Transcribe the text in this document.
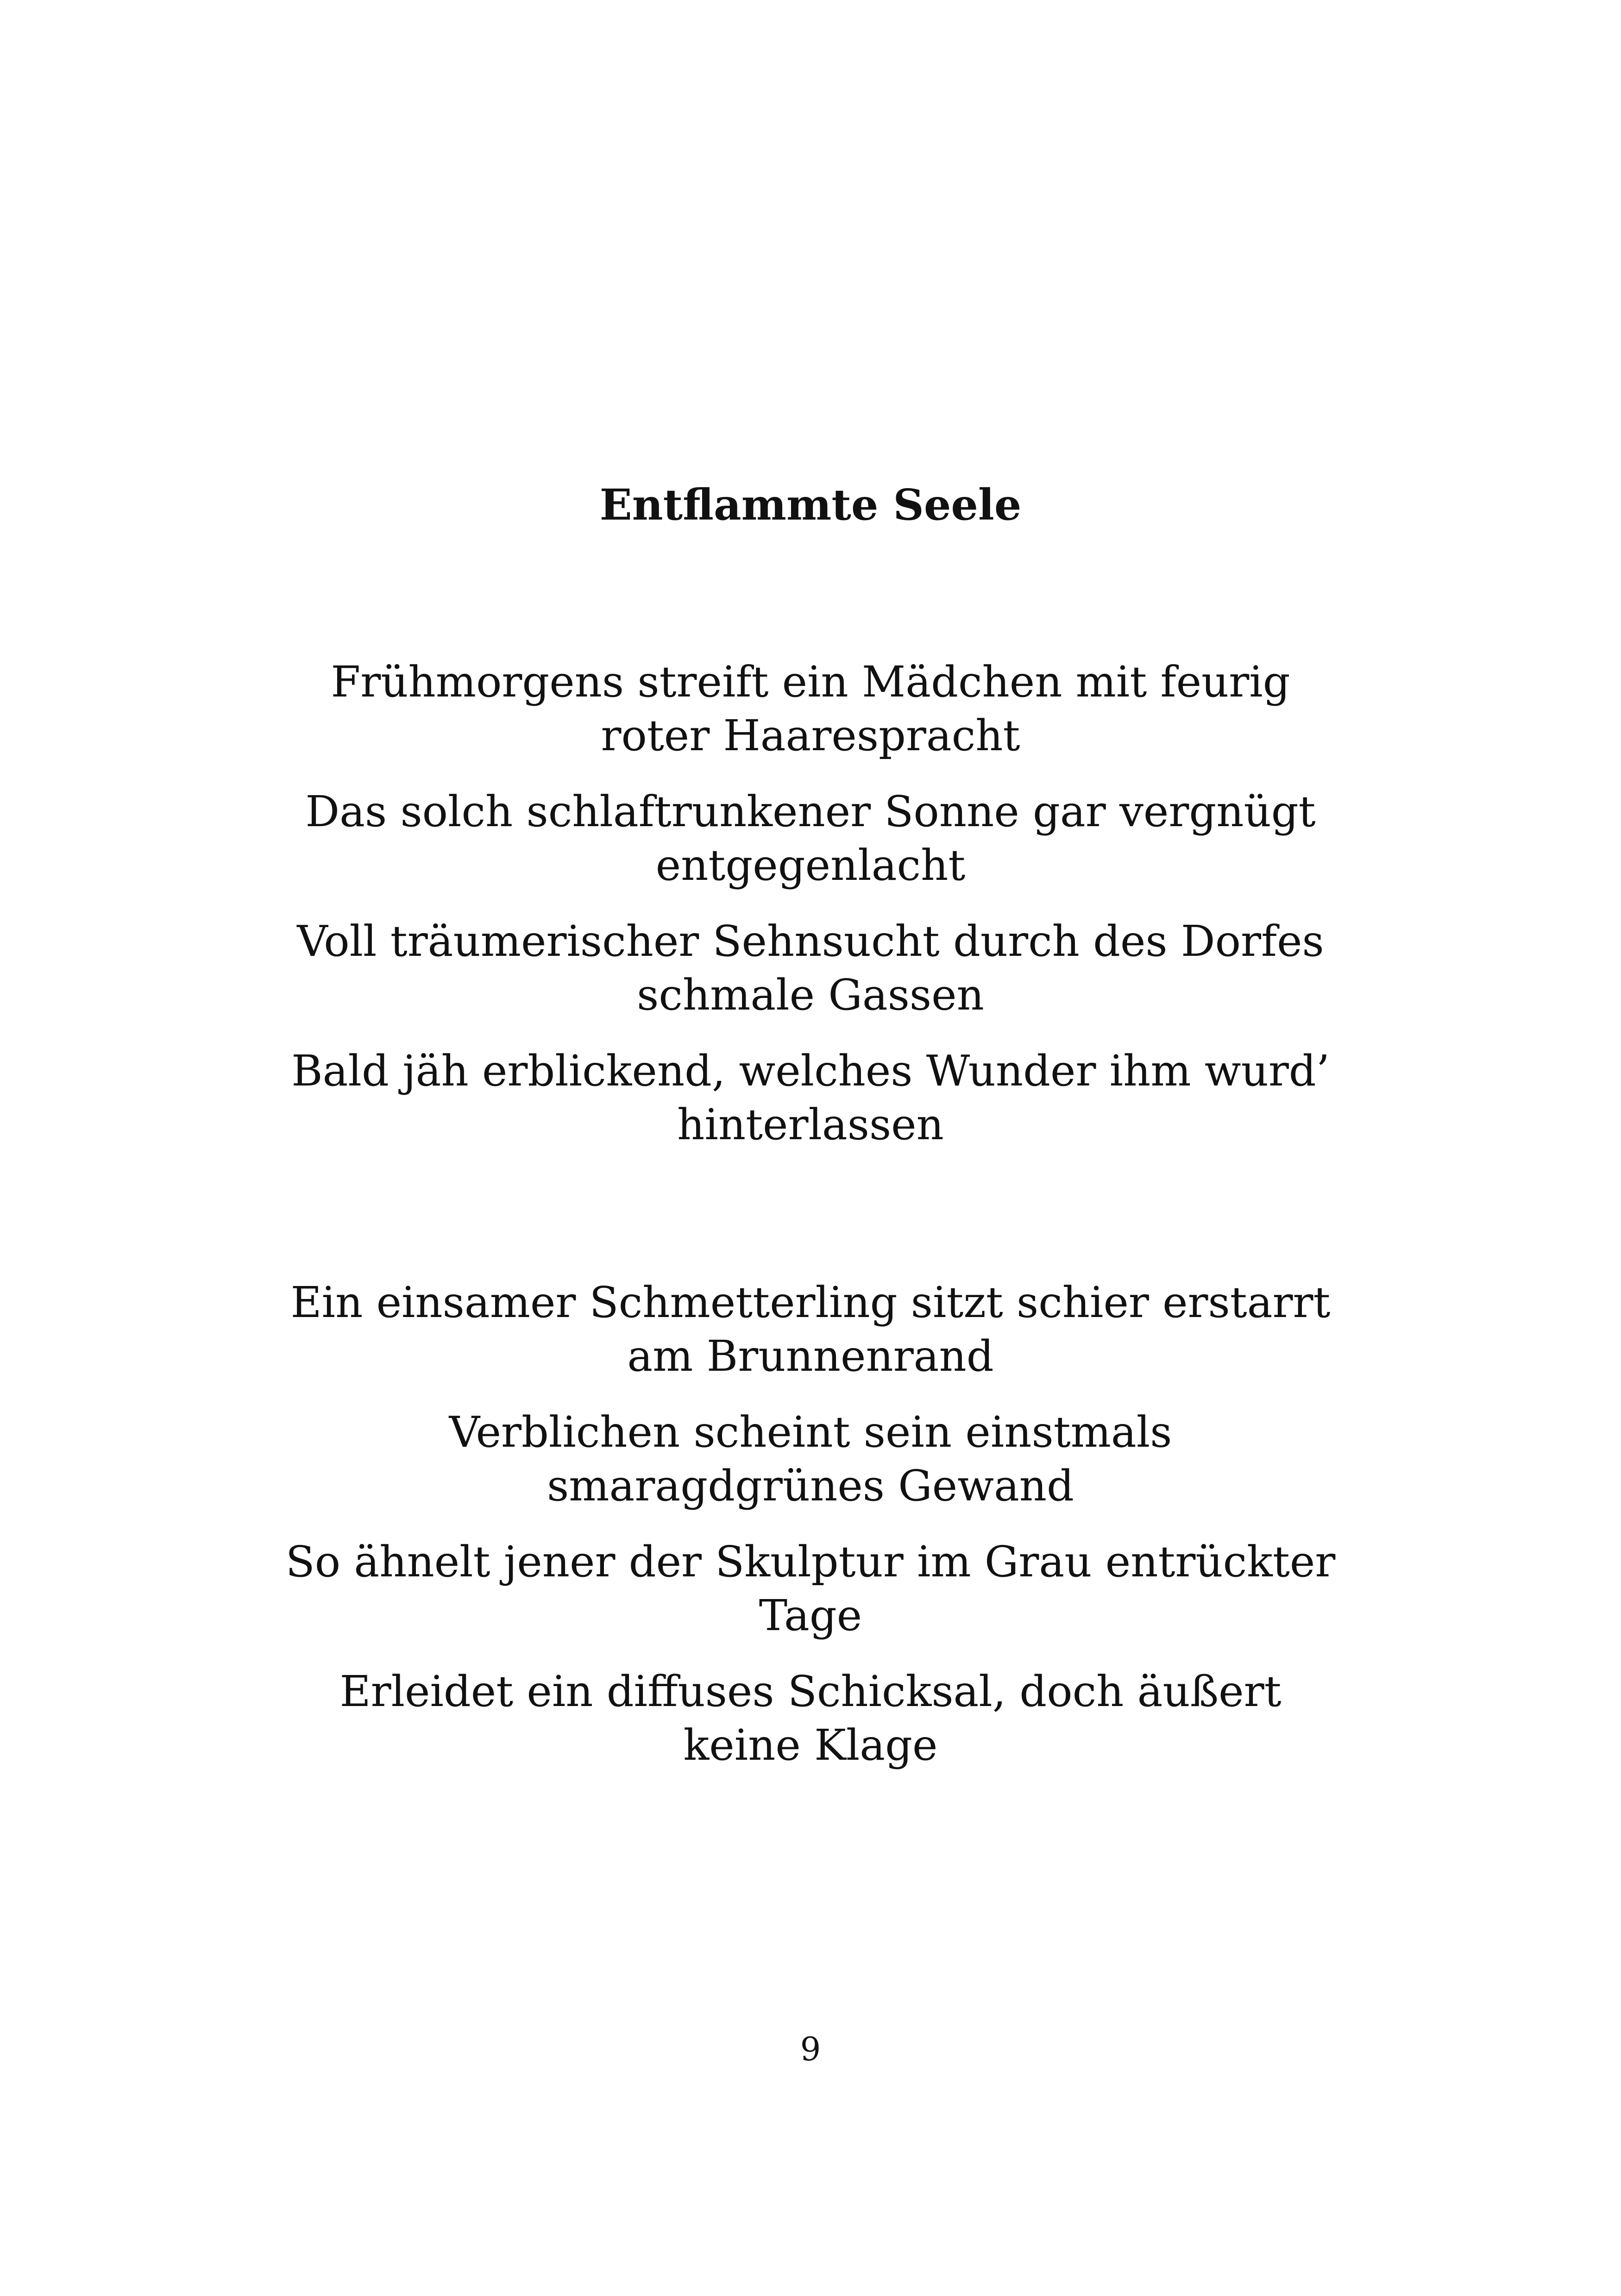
Entflammte Seele

Frühmorgens streift ein Mädchen mit feurig roter Haarespracht

Das solch schlaftrunkener Sonne gar vergnügt entgegenlacht

Voll träumerischer Sehnsucht durch des Dorfes schmale Gassen

Bald jäh erblickend, welches Wunder ihm wurd’ hinterlassen

Ein einsamer Schmetterling sitzt schier erstarrt am Brunnenrand

Verblichen scheint sein einstmals smaragdgrünes Gewand

So ähnelt jener der Skulptur im Grau entrückter Tage

Erleidet ein diffuses Schicksal, doch äußert keine Klage

9
